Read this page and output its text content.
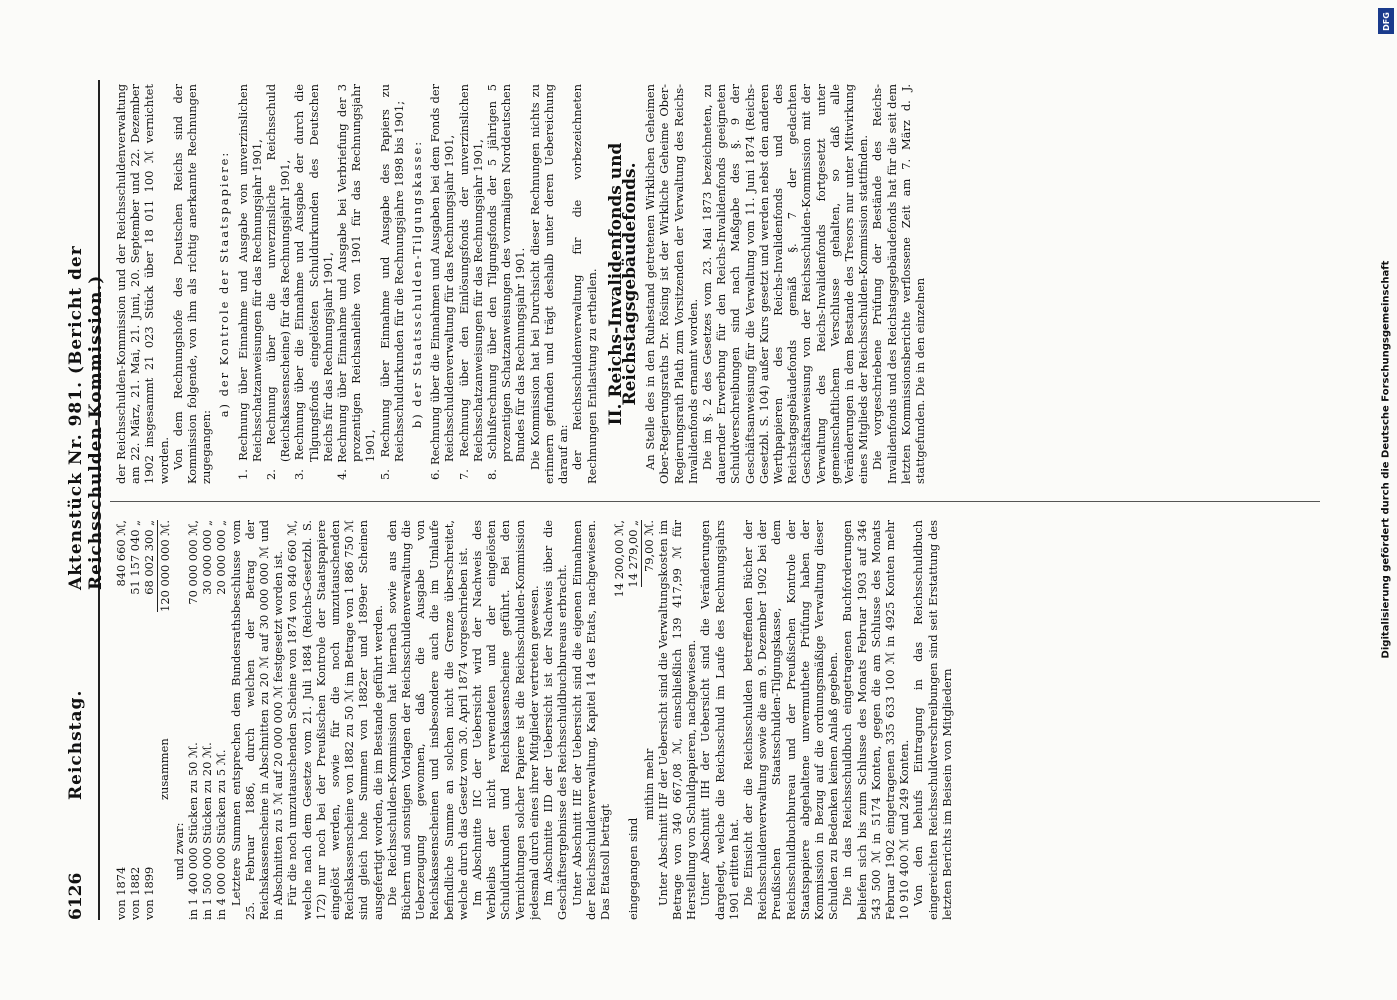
6126
Reichstag.
Aktenstück Nr. 981. (Bericht der Reichsschulden-Kommission.)
von 1874
840 660 ℳ,
von 1882
51 157 040 „
von 1899
68 002 300 „
zusammen
120 000 000 ℳ.

und zwar: in 1 400 000 Stücken zu 50 ℳ.
70 000 000 ℳ,
in 1 500 000 Stücken zu 20 ℳ.
30 000 000 „
in 4 000 000 Stücken zu 5 ℳ.
20 000 000 „ Letztere Summen entsprechen dem Bundesrathsbeschlusse vom 25. Februar 1886, durch welchen der Betrag der Reichskassenscheine in Abschnitten zu 20 ℳ auf 30 000 000 ℳ und in Abschnitten zu 5 ℳ auf 20 000 000 ℳ festgesetzt worden ist. Für die noch umzutauschenden Scheine von 1874 von 840 660 ℳ, welche nach dem Gesetze vom 21. Juli 1884 (Reichs-Gesetzbl. S. 172) nur noch bei der Preußischen Kontrole der Staatspapiere eingelöst werden, sowie für die noch umzutauschenden Reichskassenscheine von 1882 zu 50 ℳ im Betrage von 1 886 750 ℳ sind gleich hohe Summen von 1882er und 1899er Scheinen ausgefertigt worden, die im Bestande geführt werden. Die Reichsschulden-Kommission hat hiernach sowie aus den Büchern und sonstigen Vorlagen der Reichsschuldenverwaltung die Ueberzeugung gewonnen, daß die Ausgabe von Reichskassenscheinen und insbesondere auch die im Umlaufe befindliche Summe an solchen nicht die Grenze überschreitet, welche durch das Gesetz vom 30. April 1874 vorgeschrieben ist. Im Abschnitte IIC der Uebersicht wird der Nachweis des Verbleibs der nicht verwendeten und der eingelösten Schuldurkunden und Reichskassenscheine geführt. Bei den Vernichtungen solcher Papiere ist die Reichsschulden-Kommission jedesmal durch eines ihrer Mitglieder vertreten gewesen. Im Abschnitte IID der Uebersicht ist der Nachweis über die Geschäftsergebnisse des Reichsschuldbuchbureaus erbracht. Unter Abschnitt IIE der Uebersicht sind die eigenen Einnahmen der Reichsschuldenverwaltung, Kapitel 14 des Etats, nachgewiesen. Das Etatsoll beträgt

14 200,00 ℳ,
eingegangen sind
14 279,00 „
mithin mehr
79,00 ℳ. Unter Abschnitt IIF der Uebersicht sind die Verwaltungskosten im Betrage von 340 667,08 ℳ, einschließlich 139 417,99 ℳ für Herstellung von Schuldpapieren, nachgewiesen. Unter Abschnitt IIH der Uebersicht sind die Veränderungen dargelegt, welche die Reichsschuld im Laufe des Rechnungsjahrs 1901 erlitten hat. Die Einsicht der die Reichsschulden betreffenden Bücher der Reichsschuldenverwaltung sowie die am 9. Dezember 1902 bei der Preußischen Staatsschulden-Tilgungskasse, dem Reichsschuldbuchbureau und der Preußischen Kontrole der Staatspapiere abgehaltene unvermuthete Prüfung haben der Kommission in Bezug auf die ordnungsmäßige Verwaltung dieser Schulden zu Bedenken keinen Anlaß gegeben. Die in das Reichsschuldbuch eingetragenen Buchforderungen beliefen sich bis zum Schlusse des Monats Februar 1903 auf 346 543 500 ℳ in 5174 Konten, gegen die am Schlusse des Monats Februar 1902 eingetragenen 335 633 100 ℳ in 4925 Konten mehr 10 910 400 ℳ und 249 Konten. Von den behufs Eintragung in das Reichsschuldbuch eingereichten Reichsschuldverschreibungen sind seit Erstattung des letzten Berichts im Beisein von Mitgliedern

der Reichsschulden-Kommission und der Reichsschuldenverwaltung am 22. März, 21. Mai, 21. Juni, 20. September und 22. Dezember 1902 insgesammt 21 023 Stück über 18 011 100 ℳ vernichtet worden. Von dem Rechnungshofe des Deutschen Reichs sind der Kommission folgende, von ihm als richtig anerkannte Rechnungen zugegangen:

a) der Kontrole der Staatspapiere: 1. Rechnung über Einnahme und Ausgabe von unverzinslichen Reichsschatzanweisungen für das Rechnungsjahr 1901, 2. Rechnung über die unverzinsliche Reichsschuld (Reichskassenscheine) für das Rechnungsjahr 1901, 3. Rechnung über die Einnahme und Ausgabe der durch die Tilgungsfonds eingelösten Schuldurkunden des Deutschen Reichs für das Rechnungsjahr 1901, 4. Rechnung über Einnahme und Ausgabe bei Verbriefung der 3 prozentigen Reichsanleihe von 1901 für das Rechnungsjahr 1901, 5. Rechnung über Einnahme und Ausgabe des Papiers zu Reichsschuldurkunden für die Rechnungsjahre 1898 bis 1901; b) der Staatsschulden-Tilgungskasse: 6. Rechnung über die Einnahmen und Ausgaben bei dem Fonds der Reichsschuldenverwaltung für das Rechnungsjahr 1901, 7. Rechnung über den Einlösungsfonds der unverzinslichen Reichsschatzanweisungen für das Rechnungsjahr 1901, 8. Schlußrechnung über den Tilgungsfonds der 5 jährigen 5 prozentigen Schatzanweisungen des vormaligen Norddeutschen Bundes für das Rechnungsjahr 1901. Die Kommission hat bei Durchsicht dieser Rechnungen nichts zu erinnern gefunden und trägt deshalb unter deren Uebereichung darauf an: der Reichsschuldenverwaltung für die vorbezeichneten Rechnungen Entlastung zu ertheilen. II. Reichs-Invalidenfonds und Reichstagsgebäudefonds. An Stelle des in den Ruhestand getretenen Wirklichen Geheimen Ober-Regierungsraths Dr. Rösing ist der Wirkliche Geheime Ober-Regierungsrath Plath zum Vorsitzenden der Verwaltung des Reichs-Invalidenfonds ernannt worden. Die im §. 2 des Gesetzes vom 23. Mai 1873 bezeichneten, zu dauernder Erwerbung für den Reichs-Invalidenfonds geeigneten Schuldverschreibungen sind nach Maßgabe des §. 9 der Geschäftsanweisung für die Verwaltung vom 11. Juni 1874 (Reichs-Gesetzbl. S. 104) außer Kurs gesetzt und werden nebst den anderen Werthpapieren des Reichs-Invalidenfonds und des Reichstagsgebäudefonds gemäß §. 7 der gedachten Geschäftsanweisung von der Reichsschulden-Kommission mit der Verwaltung des Reichs-Invalidenfonds fortgesetzt unter gemeinschaftlichem Verschlusse gehalten, so daß alle Veränderungen in dem Bestande des Tresors nur unter Mitwirkung eines Mitglieds der Reichsschulden-Kommission stattfinden. Die vorgeschriebene Prüfung der Bestände des Reichs-Invalidenfonds und des Reichstagsgebäudefonds hat für die seit dem letzten Kommissionsberichte verflossene Zeit am 7. März d. J. stattgefunden. Die in den einzelnen

DFG
Digitalisierung gefördert durch die Deutsche Forschungsgemeinschaft
